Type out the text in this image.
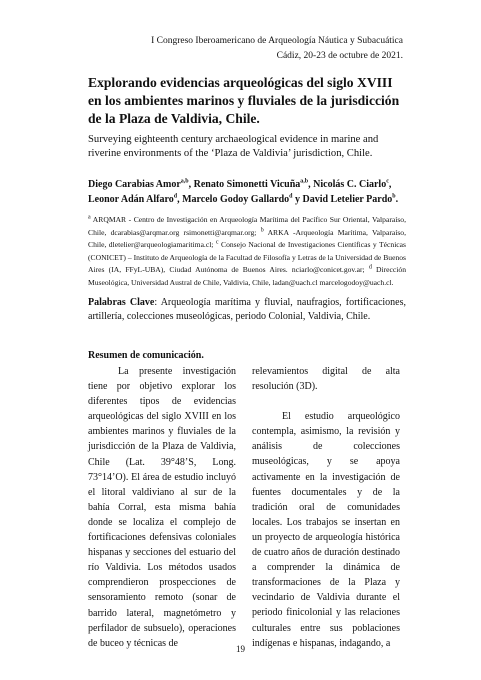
I Congreso Iberoamericano de Arqueología Náutica y Subacuática
Cádiz, 20-23 de octubre de 2021.
Explorando evidencias arqueológicas del siglo XVIII en los ambientes marinos y fluviales de la jurisdicción de la Plaza de Valdivia, Chile.

Surveying eighteenth century archaeological evidence in marine and riverine environments of the ‘Plaza de Valdivia’ jurisdiction, Chile.

Diego Carabias Amor$^{a,b}$, Renato Simonetti Vicuña$^{a,b}$, Nicolás C. Ciarlo$^c$, Leonor Adán Alfaro$^d$, Marcelo Godoy Gallardo$^d$ y David Letelier Pardo$^b$.

$^a$ ARQMAR - Centro de Investigación en Arqueología Marítima del Pacífico Sur Oriental, Valparaíso, Chile, dcarabias@arqmar.org rsimonetti@arqmar.org; $^b$ ARKA -Arqueología Marítima, Valparaíso, Chile, dletelier@arqueologiamaritima.cl; $^c$ Consejo Nacional de Investigaciones Científicas y Técnicas (CONICET) – Instituto de Arqueología de la Facultad de Filosofía y Letras de la Universidad de Buenos Aires (IA, FFyL-UBA), Ciudad Autónoma de Buenos Aires. nciarlo@conicet.gov.ar; $^d$ Dirección Museológica, Universidad Austral de Chile, Valdivia, Chile, ladan@uach.cl marcelogodoy@uach.cl.

Palabras Clave: Arqueología marítima y fluvial, naufragios, fortificaciones, artillería, colecciones museológicas, periodo Colonial, Valdivia, Chile.

Resumen de comunicación.

La presente investigación tiene por objetivo explorar los diferentes tipos de evidencias arqueológicas del siglo XVIII en los ambientes marinos y fluviales de la jurisdicción de la Plaza de Valdivia, Chile (Lat. 39°48’S, Long. 73°14’O). El área de estudio incluyó el litoral valdiviano al sur de la bahía Corral, esta misma bahía donde se localiza el complejo de fortificaciones defensivas coloniales hispanas y secciones del estuario del río Valdivia. Los métodos usados comprendieron prospecciones de sensoramiento remoto (sonar de barrido lateral, magnetómetro y perfilador de subsuelo), operaciones de buceo y técnicas de

relevamientos digital de alta resolución (3D).

El estudio arqueológico contempla, asimismo, la revisión y análisis de colecciones museológicas, y se apoya activamente en la investigación de fuentes documentales y de la tradición oral de comunidades locales. Los trabajos se insertan en un proyecto de arqueología histórica de cuatro años de duración destinado a comprender la dinámica de transformaciones de la Plaza y vecindario de Valdivia durante el periodo finicolonial y las relaciones culturales entre sus poblaciones indígenas e hispanas, indagando, a

19
